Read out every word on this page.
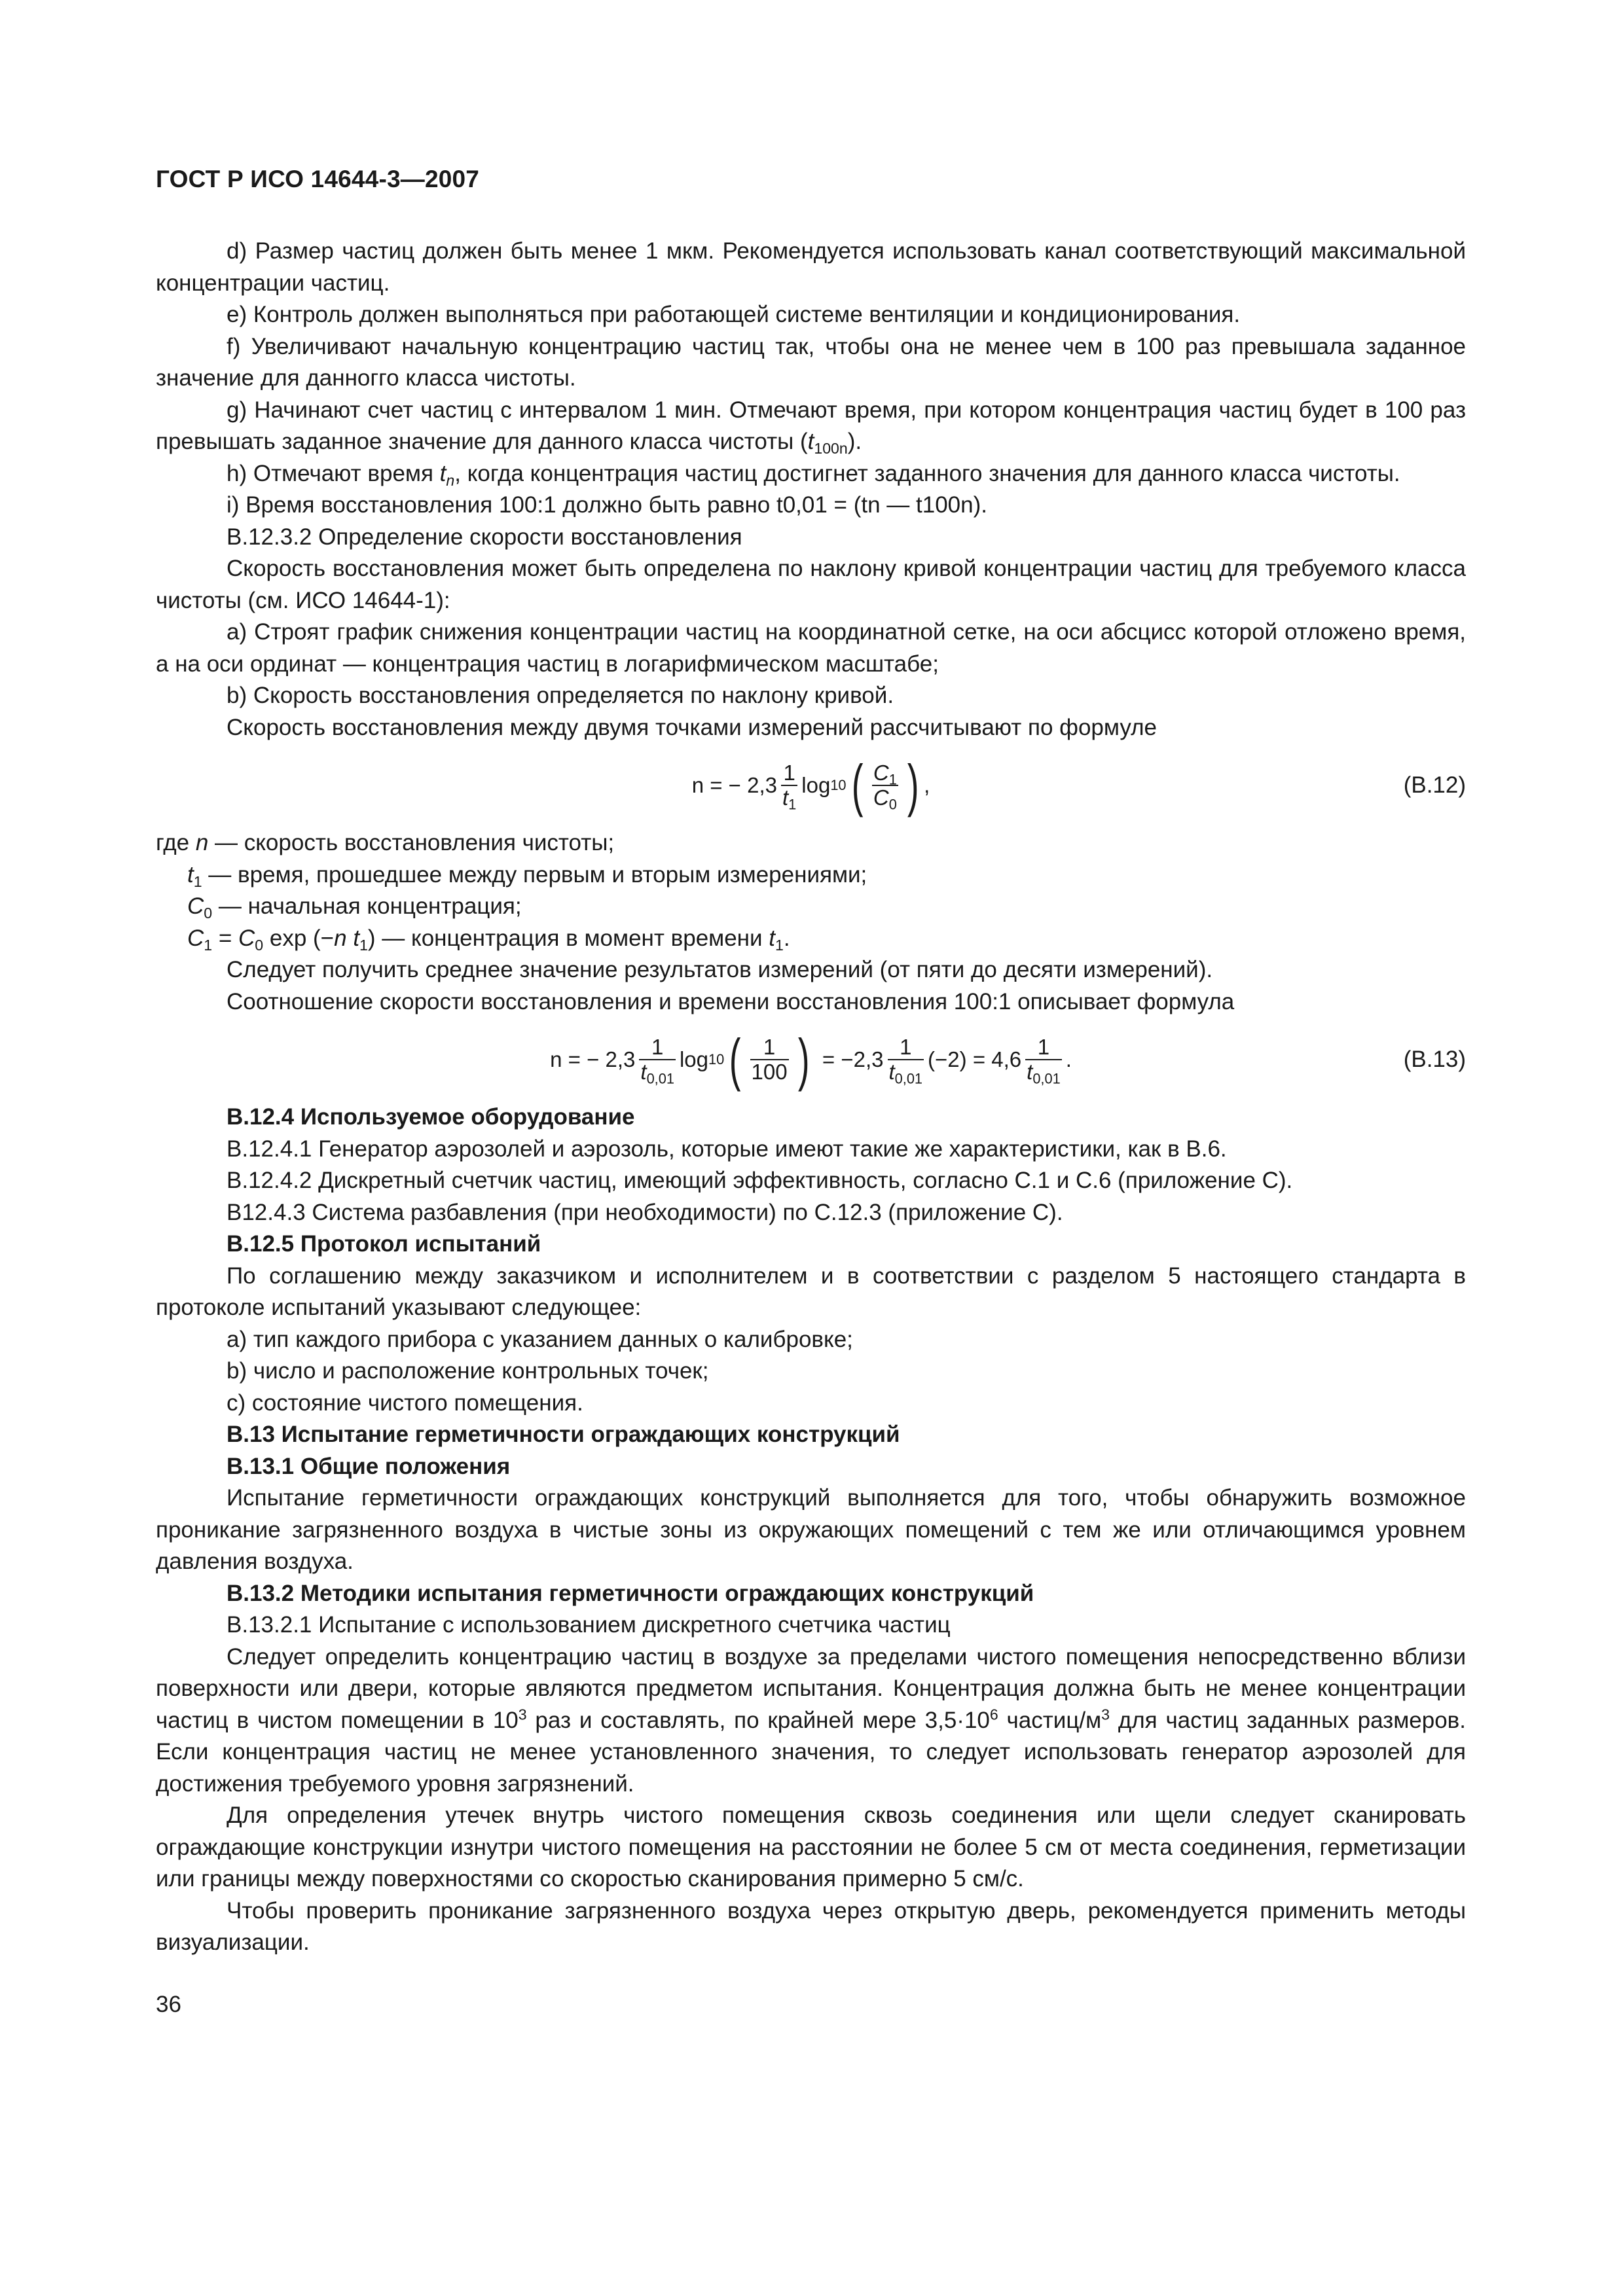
ГОСТ Р ИСО 14644-3—2007

d) Размер частиц должен быть менее 1 мкм. Рекомендуется использовать канал соответствующий максимальной концентрации частиц.

e) Контроль должен выполняться при работающей системе вентиляции и кондиционирования.

f) Увеличивают начальную концентрацию частиц так, чтобы она не менее чем в 100 раз превышала заданное значение для данногго класса чистоты.

g) Начинают счет частиц с интервалом 1 мин. Отмечают время, при котором концентрация частиц будет в 100 раз превышать заданное значение для данного класса чистоты $(t_{100n})$.

h) Отмечают время $t_n$, когда концентрация частиц достигнет заданного значения для данного класса чистоты.

i) Время восстановления 100:1 должно быть равно t0,01 = (tn — t100n).

B.12.3.2 Определение скорости восстановления

Скорость восстановления может быть определена по наклону кривой концентрации частиц для требуемого класса чистоты (см. ИСО 14644-1):

a) Строят график снижения концентрации частиц на координатной сетке, на оси абсцисс которой отложено время, а на оси ординат — концентрация частиц в логарифмическом масштабе;

b) Скорость восстановления определяется по наклону кривой.

Скорость восстановления между двумя точками измерений рассчитывают по формуле

n = − $2,3 \frac{1}{t_1}$ log 10 ( $\frac{C_1}{C_0}$ ) ,	(B.12)

где n — скорость восстановления чистоты;

$t_1$ — время, прошедшее между первым и вторым измерениями;

$C_0$ — начальная концентрация;

$C_1 = C_0$ exp (−n $t_1$) — концентрация в момент времени $t_1$.

Следует получить среднее значение результатов измерений (от пяти до десяти измерений).

Соотношение скорости восстановления и времени восстановления 100:1 описывает формула

n = − $2,3 \frac{1}{t_{0,01}}$ log 10 ( $\frac{1}{100}$ ) = $-2,3 \frac{1}{t_{0,01}} (-2) = 4,6 \frac{1}{t_{0,01}}$ .	(B.13)

B.12.4 Используемое оборудование

B.12.4.1 Генератор аэрозолей и аэрозоль, которые имеют такие же характеристики, как в B.6.

B.12.4.2 Дискретный счетчик частиц, имеющий эффективность, согласно C.1 и C.6 (приложение C).

B12.4.3 Система разбавления (при необходимости) по C.12.3 (приложение C).

B.12.5 Протокол испытаний

По соглашению между заказчиком и исполнителем и в соответствии с разделом 5 настоящего стандарта в протоколе испытаний указывают следующее:

a) тип каждого прибора с указанием данных о калибровке;

b) число и расположение контрольных точек;

c) состояние чистого помещения.

B.13 Испытание герметичности ограждающих конструкций

B.13.1 Общие положения

Испытание герметичности ограждающих конструкций выполняется для того, чтобы обнаружить возможное проникание загрязненного воздуха в чистые зоны из окружающих помещений с тем же или отличающимся уровнем давления воздуха.

B.13.2 Методики испытания герметичности ограждающих конструкций

B.13.2.1 Испытание с использованием дискретного счетчика частиц

Следует определить концентрацию частиц в воздухе за пределами чистого помещения непосредственно вблизи поверхности или двери, которые являются предметом испытания. Концентрация должна быть не менее концентрации частиц в чистом помещении в $10^3$ раз и составлять, по крайней мере $3,5\cdot 10^6$ частиц/$м^3$ для частиц заданных размеров. Если концентрация частиц не менее установленного значения, то следует использовать генератор аэрозолей для достижения требуемого уровня загрязнений.

Для определения утечек внутрь чистого помещения сквозь соединения или щели следует сканировать ограждающие конструкции изнутри чистого помещения на расстоянии не более 5 см от места соединения, герметизации или границы между поверхностями со скоростью сканирования примерно 5 см/с.

Чтобы проверить проникание загрязненного воздуха через открытую дверь, рекомендуется применить методы визуализации.

36
